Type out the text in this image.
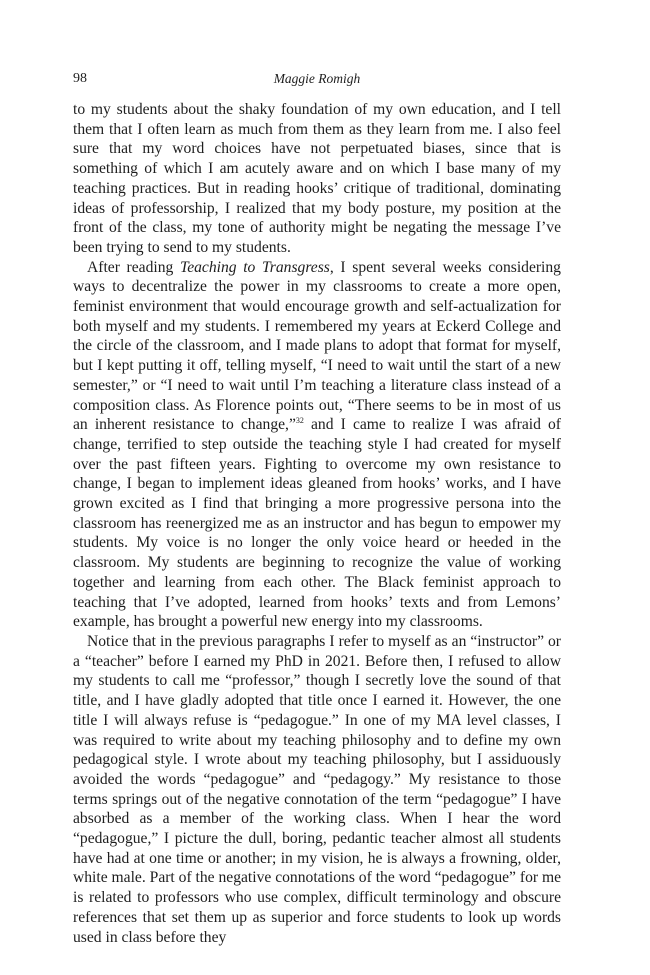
98	Maggie Romigh

to my students about the shaky foundation of my own education, and I tell them that I often learn as much from them as they learn from me. I also feel sure that my word choices have not perpetuated biases, since that is something of which I am acutely aware and on which I base many of my teaching practices. But in reading hooks’ critique of traditional, dominating ideas of professorship, I realized that my body posture, my position at the front of the class, my tone of authority might be negating the message I’ve been trying to send to my students.

After reading Teaching to Transgress, I spent several weeks considering ways to decentralize the power in my classrooms to create a more open, feminist environment that would encourage growth and self-actualization for both myself and my students. I remembered my years at Eckerd College and the circle of the classroom, and I made plans to adopt that format for myself, but I kept putting it off, telling myself, “I need to wait until the start of a new semester,” or “I need to wait until I’m teaching a literature class instead of a composition class. As Florence points out, “There seems to be in most of us an inherent resistance to change,”$^{32}$ and I came to realize I was afraid of change, terrified to step outside the teaching style I had created for myself over the past fifteen years. Fighting to overcome my own resistance to change, I began to implement ideas gleaned from hooks’ works, and I have grown excited as I find that bringing a more progressive persona into the classroom has reenergized me as an instructor and has begun to empower my students. My voice is no longer the only voice heard or heeded in the classroom. My students are beginning to recognize the value of working together and learning from each other. The Black feminist approach to teaching that I’ve adopted, learned from hooks’ texts and from Lemons’ example, has brought a powerful new energy into my classrooms.

Notice that in the previous paragraphs I refer to myself as an “instructor” or a “teacher” before I earned my PhD in 2021. Before then, I refused to allow my students to call me “professor,” though I secretly love the sound of that title, and I have gladly adopted that title once I earned it. However, the one title I will always refuse is “pedagogue.” In one of my MA level classes, I was required to write about my teaching philosophy and to define my own pedagogical style. I wrote about my teaching philosophy, but I assiduously avoided the words “pedagogue” and “pedagogy.” My resistance to those terms springs out of the negative connotation of the term “pedagogue” I have absorbed as a member of the working class. When I hear the word “pedagogue,” I picture the dull, boring, pedantic teacher almost all students have had at one time or another; in my vision, he is always a frowning, older, white male. Part of the negative connotations of the word “pedagogue” for me is related to professors who use complex, difficult terminology and obscure references that set them up as superior and force students to look up words used in class before they
